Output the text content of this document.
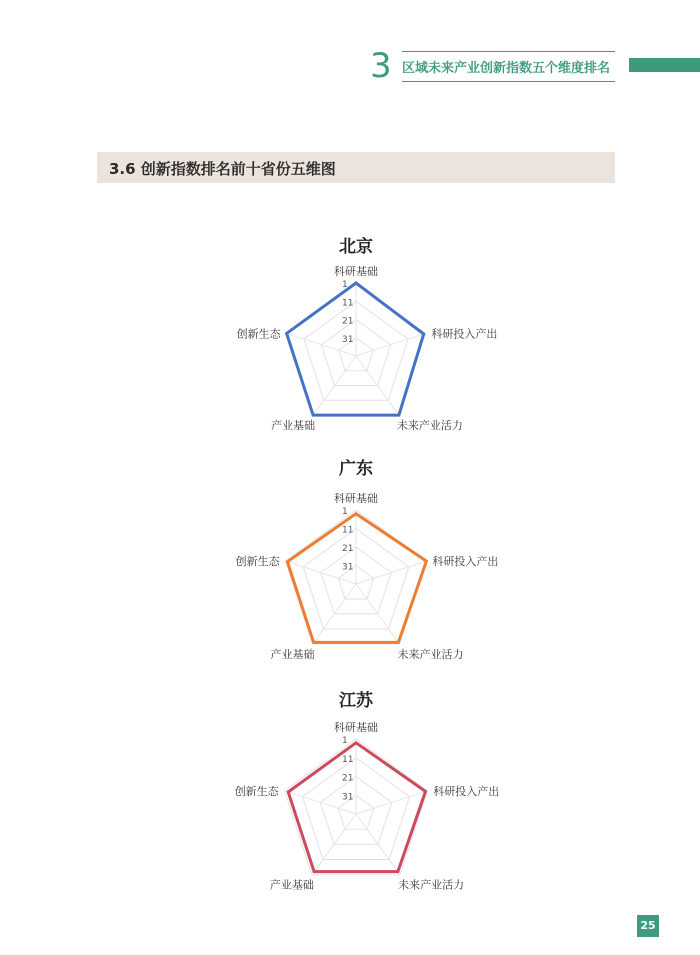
3 区域未来产业创新指数五个维度排名
3.6 创新指数排名前十省份五维图
1
11
21
31
科研基础
科研投入产出
未来产业活力
产业基础
创新生态
北京
1
11
21
31
科研基础
科研投入产出
未来产业活力
产业基础
创新生态
广东
1
11
21
31
科研基础
科研投入产出
未来产业活力
产业基础
创新生态
江苏
25
